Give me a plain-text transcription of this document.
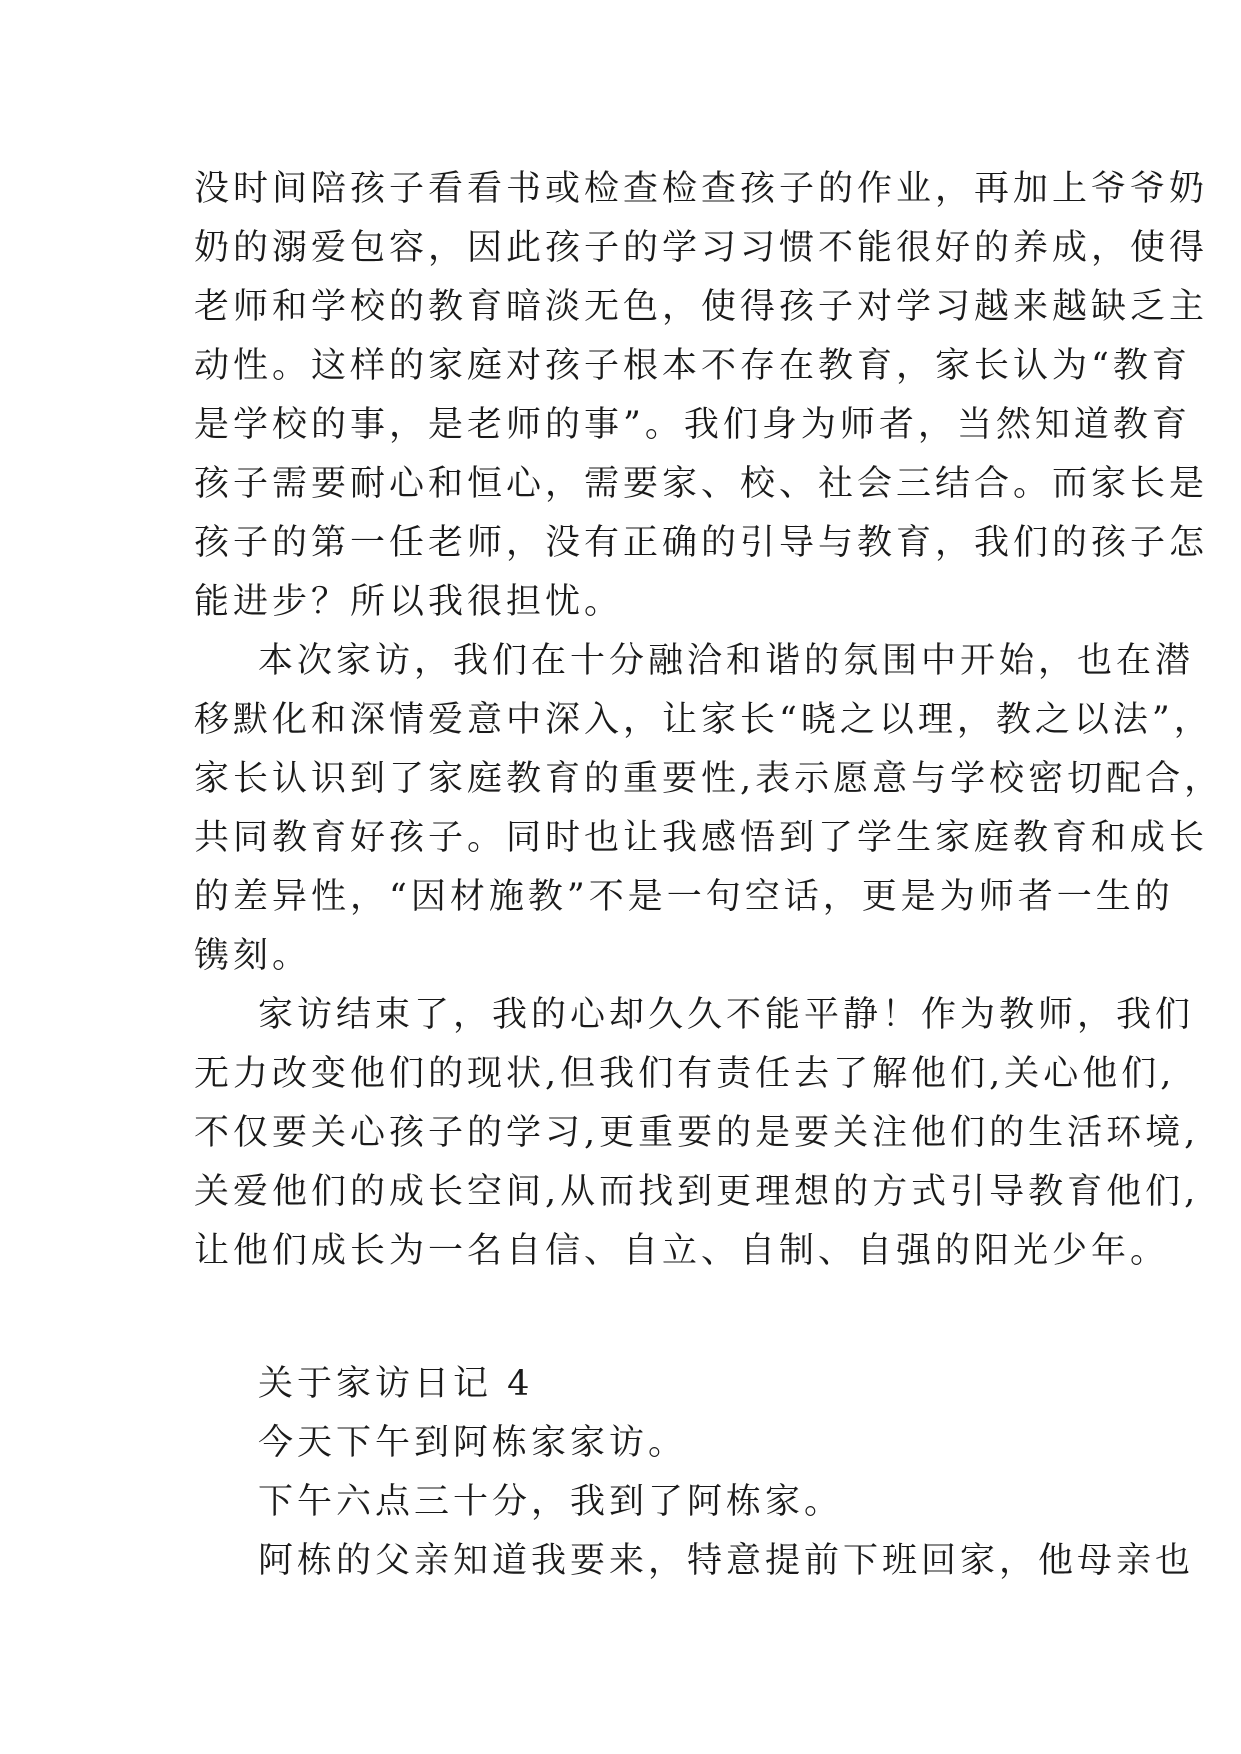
没时间陪孩子看看书或检查检查孩子的作业，再加上爷爷奶
奶的溺爱包容，因此孩子的学习习惯不能很好的养成，使得
老师和学校的教育暗淡无色，使得孩子对学习越来越缺乏主
动性。这样的家庭对孩子根本不存在教育，家长认为“教育
是学校的事，是老师的事”。我们身为师者，当然知道教育
孩子需要耐心和恒心，需要家、校、社会三结合。而家长是
孩子的第一任老师，没有正确的引导与教育，我们的孩子怎
能进步？所以我很担忧。
本次家访，我们在十分融洽和谐的氛围中开始，也在潜
移默化和深情爱意中深入，让家长“晓之以理，教之以法”，
家长认识到了家庭教育的重要性,表示愿意与学校密切配合，
共同教育好孩子。同时也让我感悟到了学生家庭教育和成长
的差异性，“因材施教”不是一句空话，更是为师者一生的
镌刻。
家访结束了，我的心却久久不能平静！作为教师，我们
无力改变他们的现状,但我们有责任去了解他们,关心他们,
不仅要关心孩子的学习,更重要的是要关注他们的生活环境,
关爱他们的成长空间,从而找到更理想的方式引导教育他们,
让他们成长为一名自信、自立、自制、自强的阳光少年。
关于家访日记 4
今天下午到阿栋家家访。
下午六点三十分，我到了阿栋家。
阿栋的父亲知道我要来，特意提前下班回家，他母亲也
